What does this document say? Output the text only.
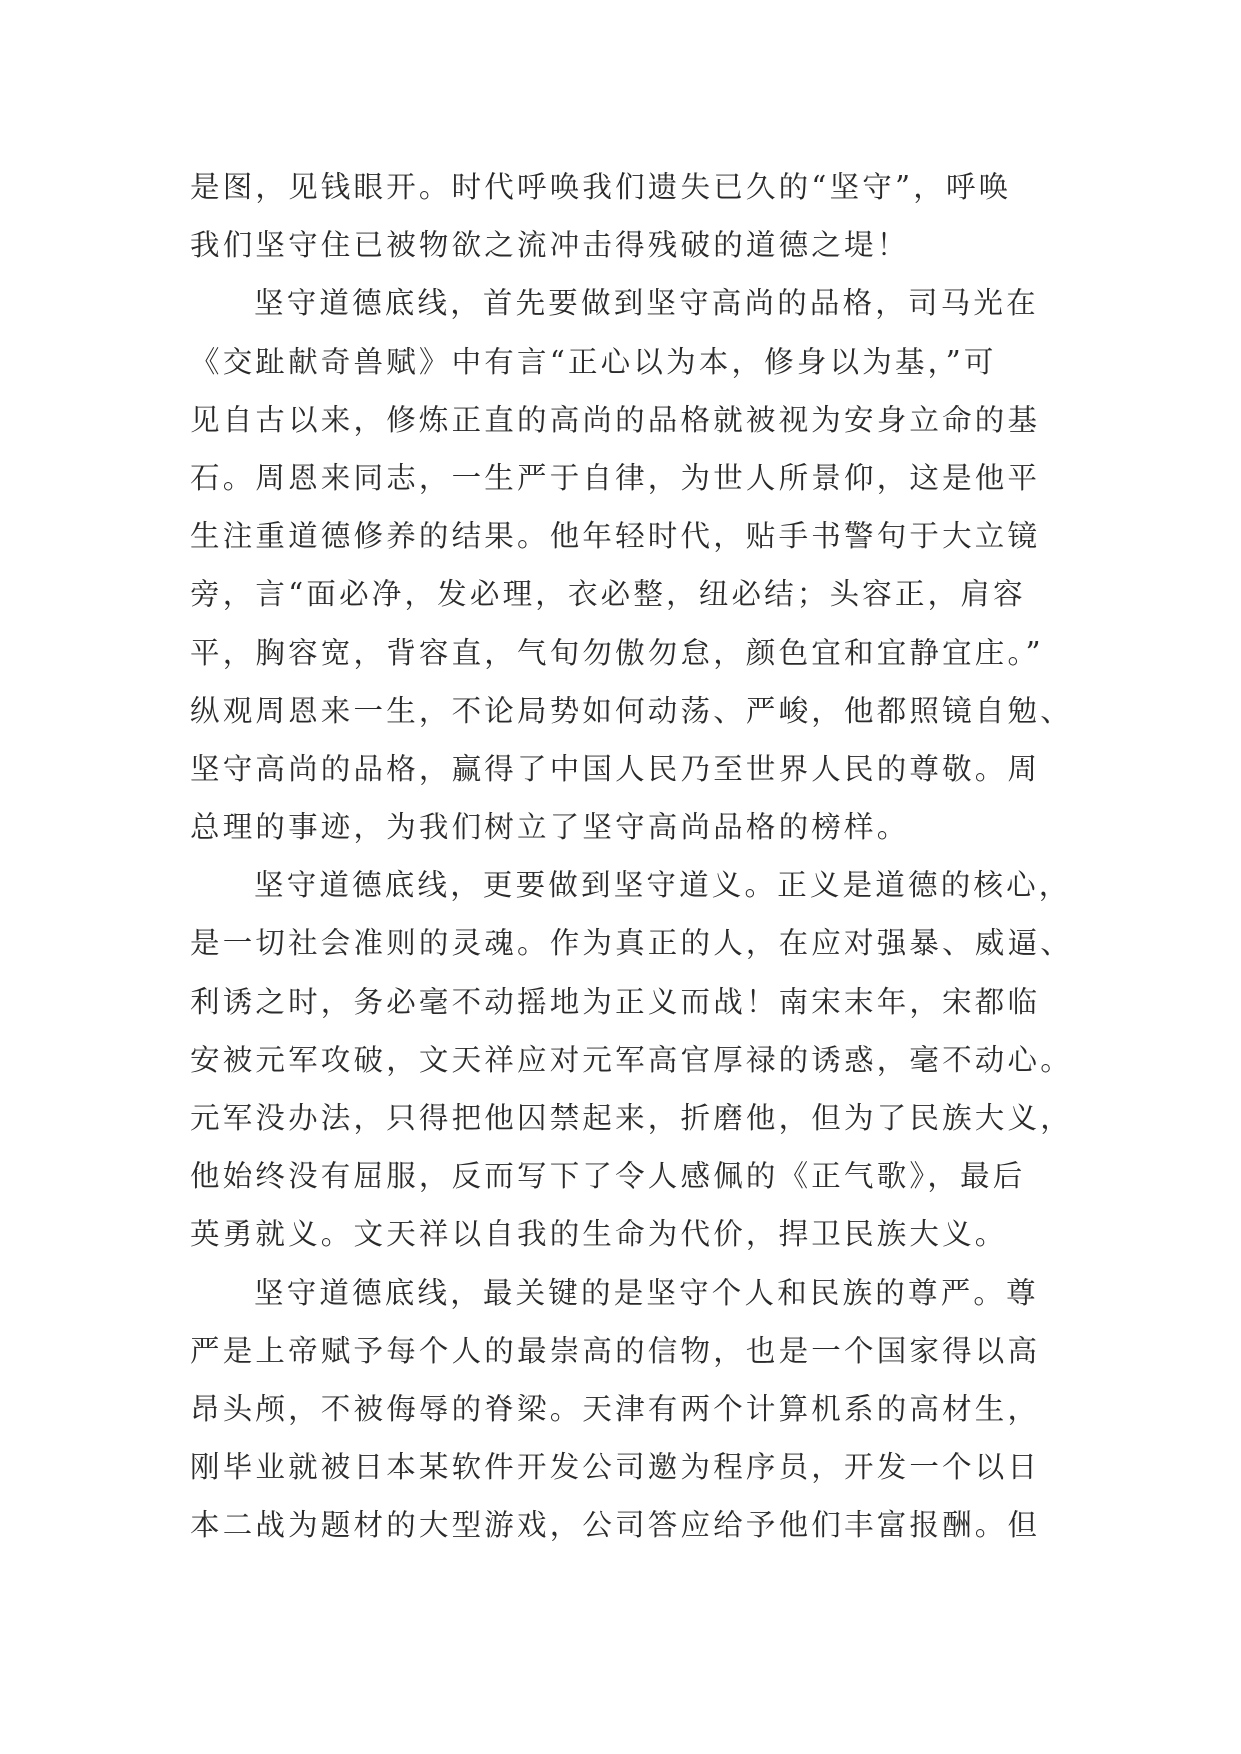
是图，见钱眼开。时代呼唤我们遗失已久的“坚守”，呼唤
我们坚守住已被物欲之流冲击得残破的道德之堤！
坚守道德底线，首先要做到坚守高尚的品格，司马光在
《交趾献奇兽赋》中有言“正心以为本，修身以为基，”可
见自古以来，修炼正直的高尚的品格就被视为安身立命的基
石。周恩来同志，一生严于自律，为世人所景仰，这是他平
生注重道德修养的结果。他年轻时代，贴手书警句于大立镜
旁，言“面必净，发必理，衣必整，纽必结；头容正，肩容
平，胸容宽，背容直，气旬勿傲勿怠，颜色宜和宜静宜庄。”
纵观周恩来一生，不论局势如何动荡、严峻，他都照镜自勉、
坚守高尚的品格，赢得了中国人民乃至世界人民的尊敬。周
总理的事迹，为我们树立了坚守高尚品格的榜样。
坚守道德底线，更要做到坚守道义。正义是道德的核心，
是一切社会准则的灵魂。作为真正的人，在应对强暴、威逼、
利诱之时，务必毫不动摇地为正义而战！南宋末年，宋都临
安被元军攻破，文天祥应对元军高官厚禄的诱惑，毫不动心。
元军没办法，只得把他囚禁起来，折磨他，但为了民族大义，
他始终没有屈服，反而写下了令人感佩的《正气歌》，最后
英勇就义。文天祥以自我的生命为代价，捍卫民族大义。
坚守道德底线，最关键的是坚守个人和民族的尊严。尊
严是上帝赋予每个人的最崇高的信物，也是一个国家得以高
昂头颅，不被侮辱的脊梁。天津有两个计算机系的高材生，
刚毕业就被日本某软件开发公司邀为程序员，开发一个以日
本二战为题材的大型游戏，公司答应给予他们丰富报酬。但
